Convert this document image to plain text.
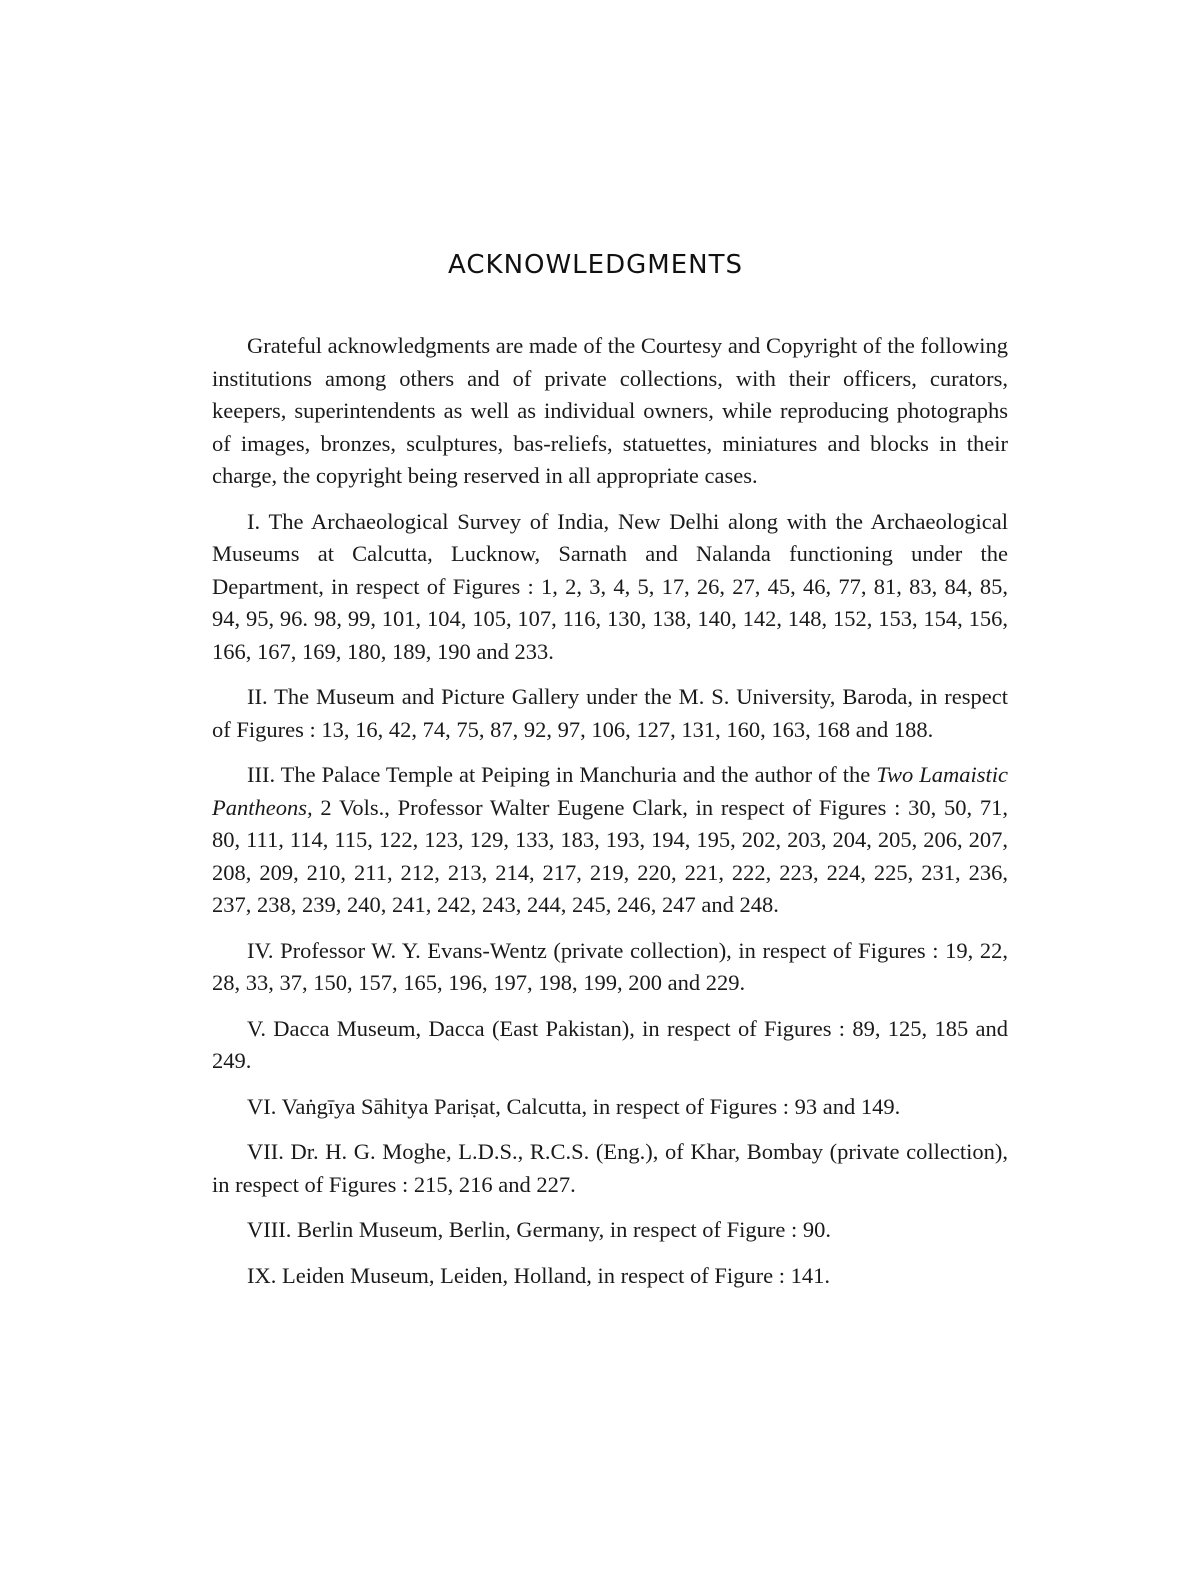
ACKNOWLEDGMENTS

Grateful acknowledgments are made of the Courtesy and Copyright of the following institutions among others and of private collections, with their officers, curators, keepers, superintendents as well as individual owners, while reproducing photographs of images, bronzes, sculptures, bas-reliefs, statuettes, miniatures and blocks in their charge, the copyright being reserved in all appropriate cases.

I. The Archaeological Survey of India, New Delhi along with the Archaeological Museums at Calcutta, Lucknow, Sarnath and Nalanda functioning under the Department, in respect of Figures : 1, 2, 3, 4, 5, 17, 26, 27, 45, 46, 77, 81, 83, 84, 85, 94, 95, 96. 98, 99, 101, 104, 105, 107, 116, 130, 138, 140, 142, 148, 152, 153, 154, 156, 166, 167, 169, 180, 189, 190 and 233.

II. The Museum and Picture Gallery under the M. S. University, Baroda, in respect of Figures : 13, 16, 42, 74, 75, 87, 92, 97, 106, 127, 131, 160, 163, 168 and 188.

III. The Palace Temple at Peiping in Manchuria and the author of the Two Lamaistic Pantheons, 2 Vols., Professor Walter Eugene Clark, in respect of Figures : 30, 50, 71, 80, 111, 114, 115, 122, 123, 129, 133, 183, 193, 194, 195, 202, 203, 204, 205, 206, 207, 208, 209, 210, 211, 212, 213, 214, 217, 219, 220, 221, 222, 223, 224, 225, 231, 236, 237, 238, 239, 240, 241, 242, 243, 244, 245, 246, 247 and 248.

IV. Professor W. Y. Evans-Wentz (private collection), in respect of Figures : 19, 22, 28, 33, 37, 150, 157, 165, 196, 197, 198, 199, 200 and 229.

V. Dacca Museum, Dacca (East Pakistan), in respect of Figures : 89, 125, 185 and 249.

VI. Vaṅgīya Sāhitya Pariṣat, Calcutta, in respect of Figures : 93 and 149.

VII. Dr. H. G. Moghe, L.D.S., R.C.S. (Eng.), of Khar, Bombay (private collection), in respect of Figures : 215, 216 and 227.

VIII. Berlin Museum, Berlin, Germany, in respect of Figure : 90.

IX. Leiden Museum, Leiden, Holland, in respect of Figure : 141.
